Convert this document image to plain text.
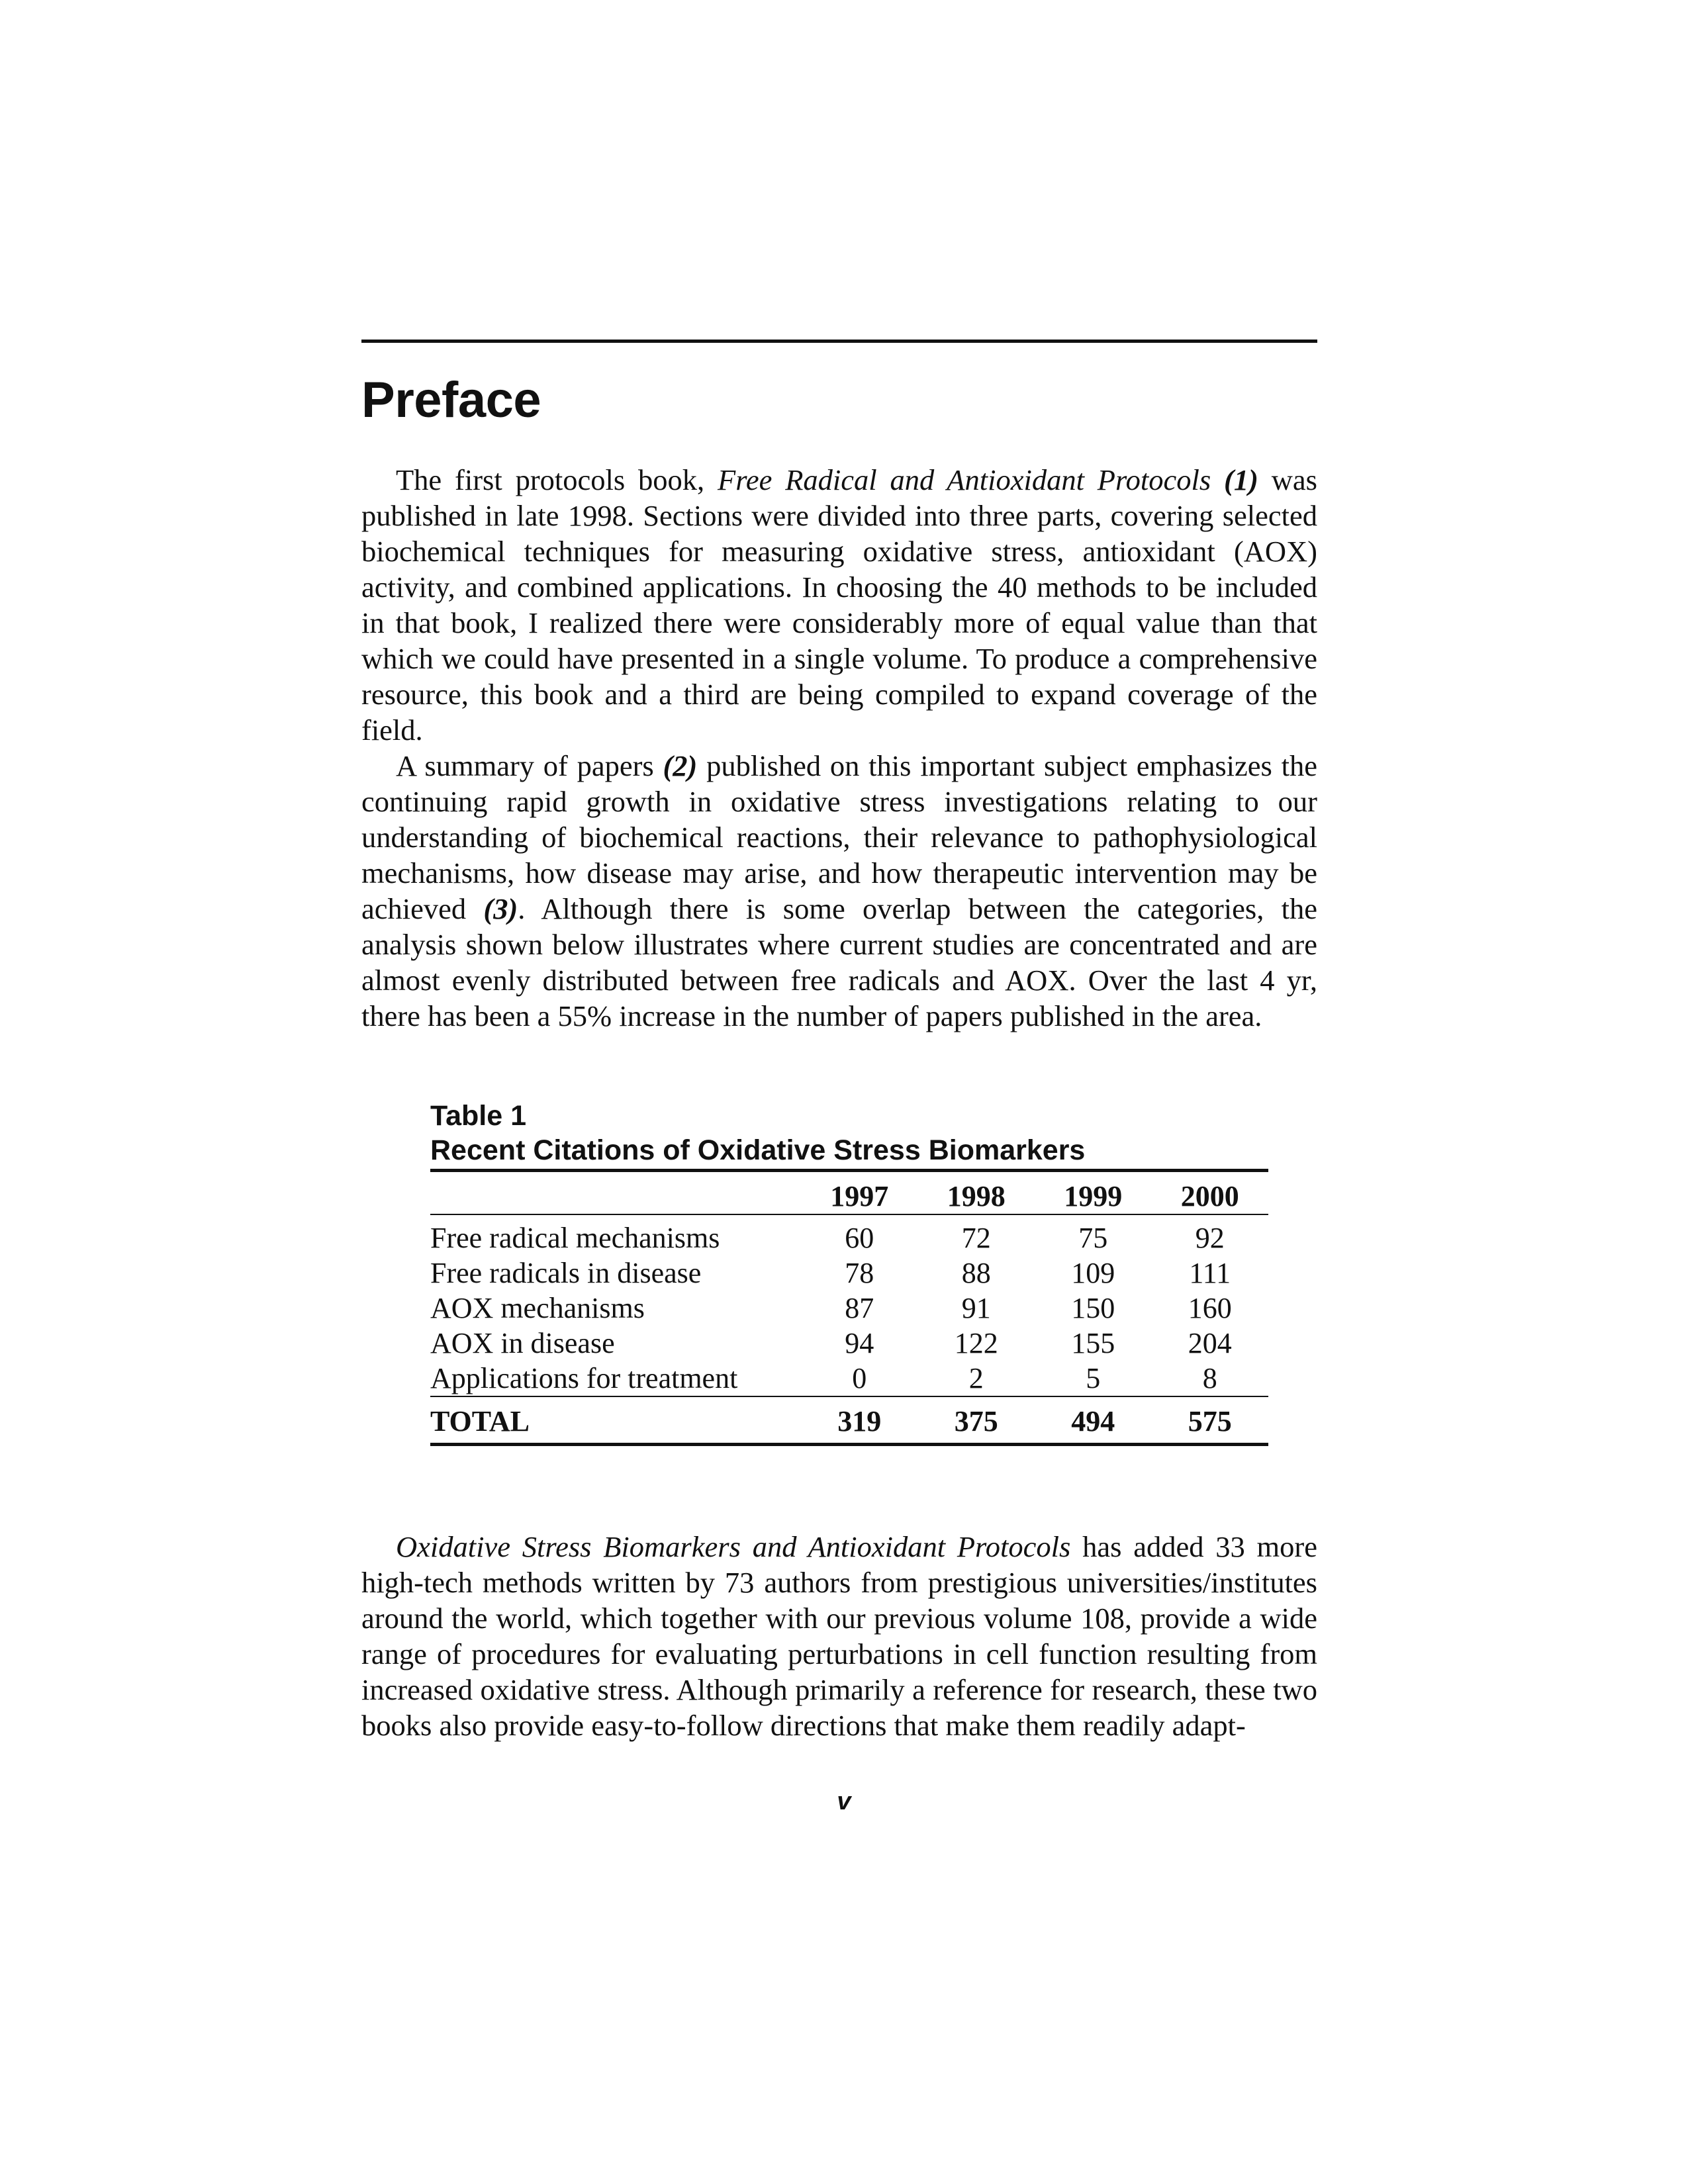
Preface

The first protocols book, Free Radical and Antioxidant Protocols (1) was published in late 1998. Sections were divided into three parts, covering selected biochemical techniques for measuring oxidative stress, antioxidant (AOX) activity, and combined applications. In choosing the 40 methods to be included in that book, I realized there were considerably more of equal value than that which we could have presented in a single volume. To produce a comprehensive resource, this book and a third are being compiled to expand coverage of the field.

A summary of papers (2) published on this important subject emphasizes the continuing rapid growth in oxidative stress investigations relating to our understanding of biochemical reactions, their relevance to pathophysiological mechanisms, how disease may arise, and how therapeutic intervention may be achieved (3). Although there is some overlap between the categories, the analysis shown below illustrates where current studies are concentrated and are almost evenly distributed between free radicals and AOX. Over the last 4 yr, there has been a 55% increase in the number of papers published in the area.

Table 1
Recent Citations of Oxidative Stress Biomarkers
	1997	1998	1999	2000
Free radical mechanisms	60	72	75	92
Free radicals in disease	78	88	109	111
AOX mechanisms	87	91	150	160
AOX in disease	94	122	155	204
Applications for treatment	0	2	5	8
TOTAL	319	375	494	575

Oxidative Stress Biomarkers and Antioxidant Protocols has added 33 more high-tech methods written by 73 authors from prestigious universities/institutes around the world, which together with our previous volume 108, provide a wide range of procedures for evaluating perturbations in cell function resulting from increased oxidative stress. Although primarily a reference for research, these two books also provide easy-to-follow directions that make them readily adapt-

v
